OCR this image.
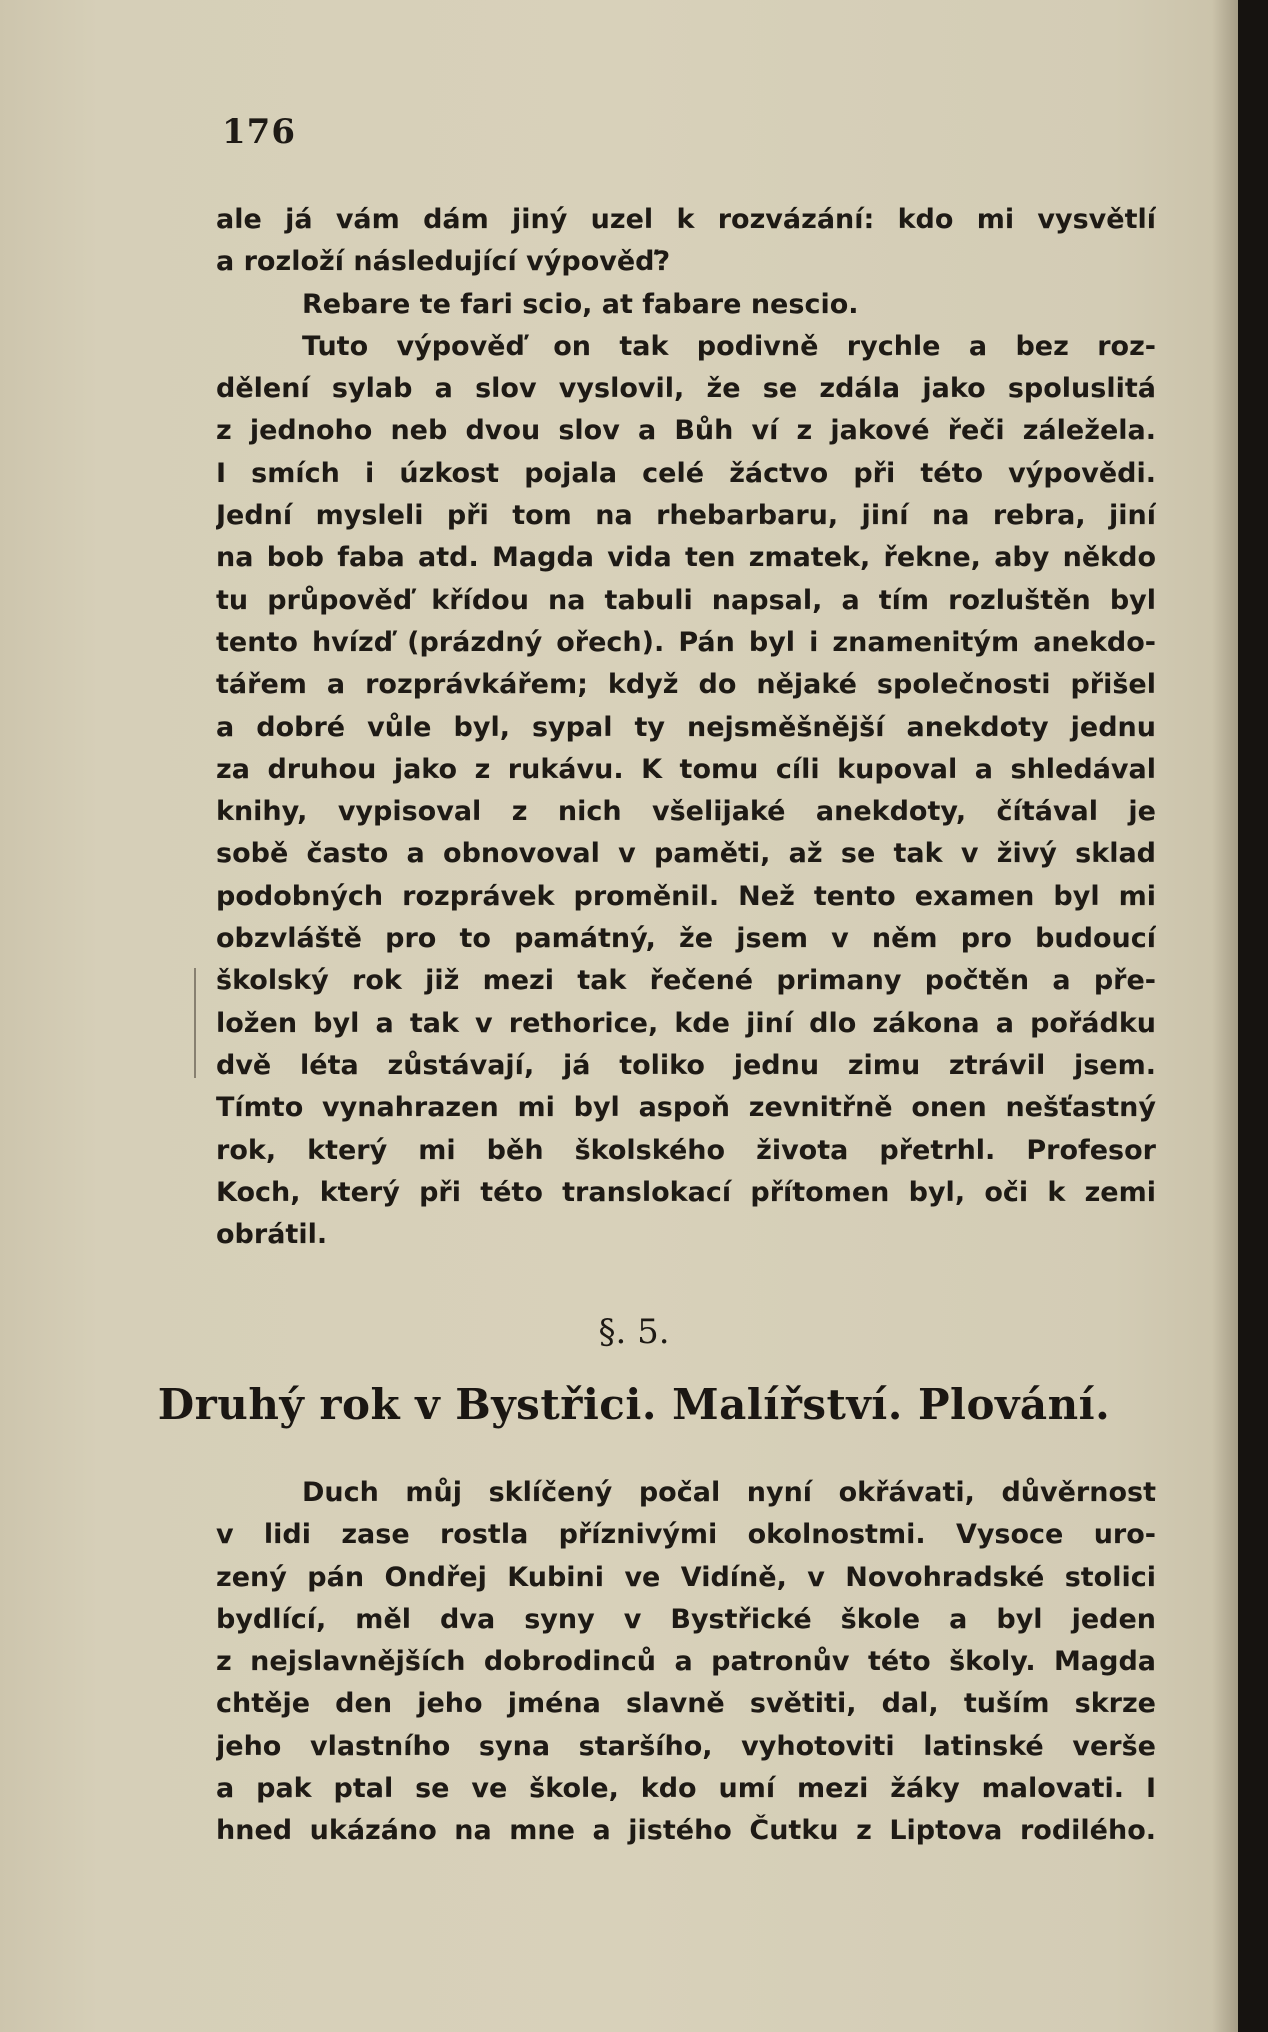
176
ale já vám dám jiný uzel k rozvázání: kdo mi vysvětlí
a rozloží následující výpověď?
Rebare te fari scio, at fabare nescio.
Tuto výpověď on tak podivně rychle a bez roz-
dělení sylab a slov vyslovil, že se zdála jako spoluslitá
z jednoho neb dvou slov a Bůh ví z jakové řeči záležela.
I smích i úzkost pojala celé žáctvo při této výpovědi.
Jední mysleli při tom na rhebarbaru, jiní na rebra, jiní
na bob faba atd. Magda vida ten zmatek, řekne, aby někdo
tu průpověď křídou na tabuli napsal, a tím rozluštěn byl
tento hvízď (prázdný ořech). Pán byl i znamenitým anekdo-
tářem a rozprávkářem; když do nějaké společnosti přišel
a dobré vůle byl, sypal ty nejsměšnější anekdoty jednu
za druhou jako z rukávu. K tomu cíli kupoval a shledával
knihy, vypisoval z nich všelijaké anekdoty, čítával je
sobě často a obnovoval v paměti, až se tak v živý sklad
podobných rozprávek proměnil. Než tento examen byl mi
obzvláště pro to památný, že jsem v něm pro budoucí
školský rok již mezi tak řečené primany počtěn a pře-
ložen byl a tak v rethorice, kde jiní dlo zákona a pořádku
dvě léta zůstávají, já toliko jednu zimu ztrávil jsem.
Tímto vynahrazen mi byl aspoň zevnitřně onen nešťastný
rok, který mi běh školského života přetrhl. Profesor
Koch, který při této translokací přítomen byl, oči k zemi
obrátil.
§. 5.
Druhý rok v Bystřici. Malířství. Plování.
Duch můj sklíčený počal nyní okřávati, důvěrnost
v lidi zase rostla příznivými okolnostmi. Vysoce uro-
zený pán Ondřej Kubini ve Vidíně, v Novohradské stolici
bydlící, měl dva syny v Bystřické škole a byl jeden
z nejslavnějších dobrodinců a patronův této školy. Magda
chtěje den jeho jména slavně světiti, dal, tuším skrze
jeho vlastního syna staršího, vyhotoviti latinské verše
a pak ptal se ve škole, kdo umí mezi žáky malovati. I
hned ukázáno na mne a jistého Čutku z Liptova rodilého.
